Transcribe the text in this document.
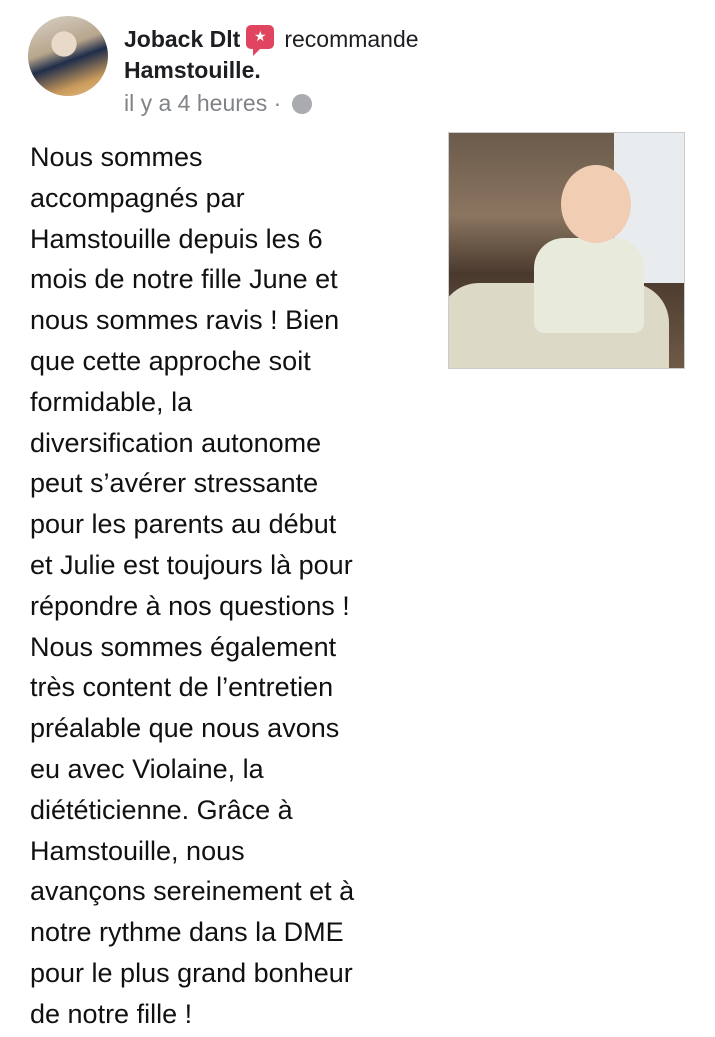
Joback Dlt ★ recommande
Hamstouille.
il y a 4 heures ·
Nous sommes
accompagnés par
Hamstouille depuis les 6
mois de notre fille June et
nous sommes ravis ! Bien
que cette approche soit
formidable, la
diversification autonome
peut s’avérer stressante
pour les parents au début
et Julie est toujours là pour
répondre à nos questions !
Nous sommes également
très content de l’entretien
préalable que nous avons
eu avec Violaine, la
diététicienne. Grâce à
Hamstouille, nous
avançons sereinement et à
notre rythme dans la DME
pour le plus grand bonheur
de notre fille !
